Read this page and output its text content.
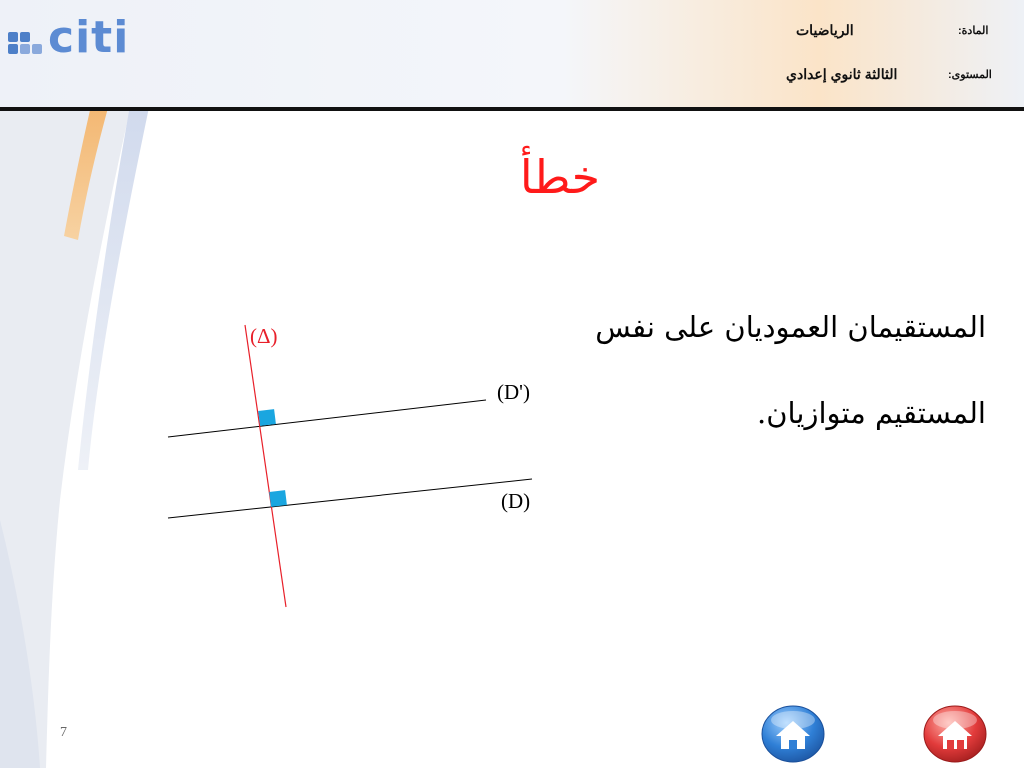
citi	المادة:
الرياضيات
المستوى:
الثالثة ثانوي إعدادي
خطأ
المستقيمان العموديان على نفس
المستقيم متوازيان.
(Δ)
(D')
(D)
7
